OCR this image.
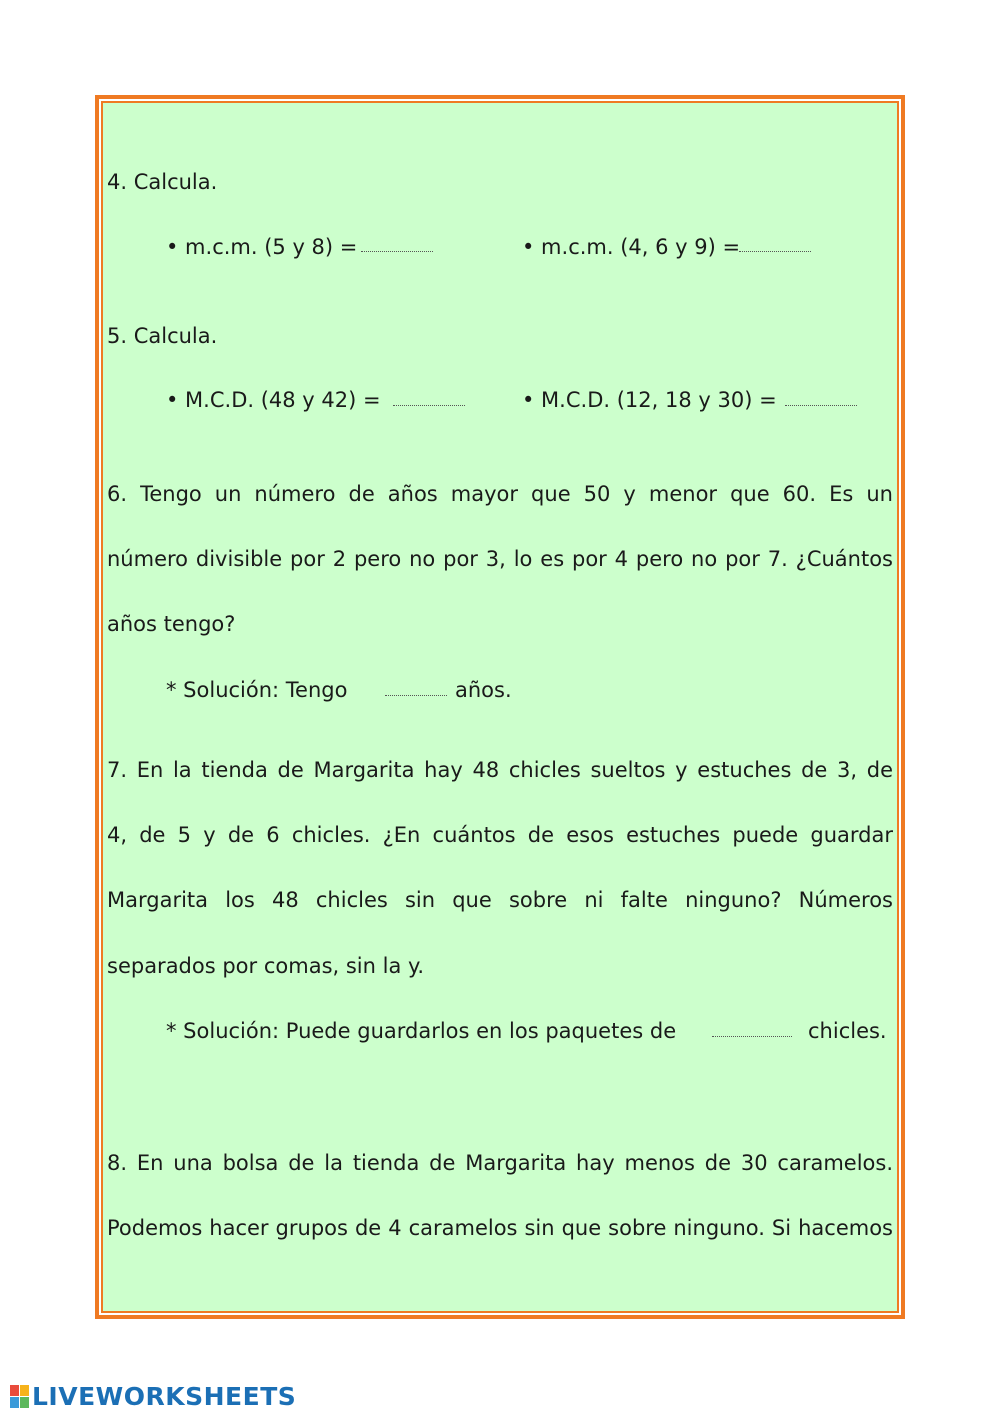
4. Calcula.
• m.c.m. (5 y 8) =	• m.c.m. (4, 6 y 9) =
5. Calcula.
• M.C.D. (48 y 42) =	• M.C.D. (12, 18 y 30) =
6. Tengo un número de años mayor que 50 y menor que 60. Es un
número divisible por 2 pero no por 3, lo es por 4 pero no por 7. ¿Cuántos
años tengo?
* Solución: Tengo	años.
7. En la tienda de Margarita hay 48 chicles sueltos y estuches de 3, de
4, de 5 y de 6 chicles. ¿En cuántos de esos estuches puede guardar
Margarita los 48 chicles sin que sobre ni falte ninguno? Números
separados por comas, sin la y.
* Solución: Puede guardarlos en los paquetes de	chicles.
8. En una bolsa de la tienda de Margarita hay menos de 30 caramelos.
Podemos hacer grupos de 4 caramelos sin que sobre ninguno. Si hacemos
LIVEWORKSHEETS
